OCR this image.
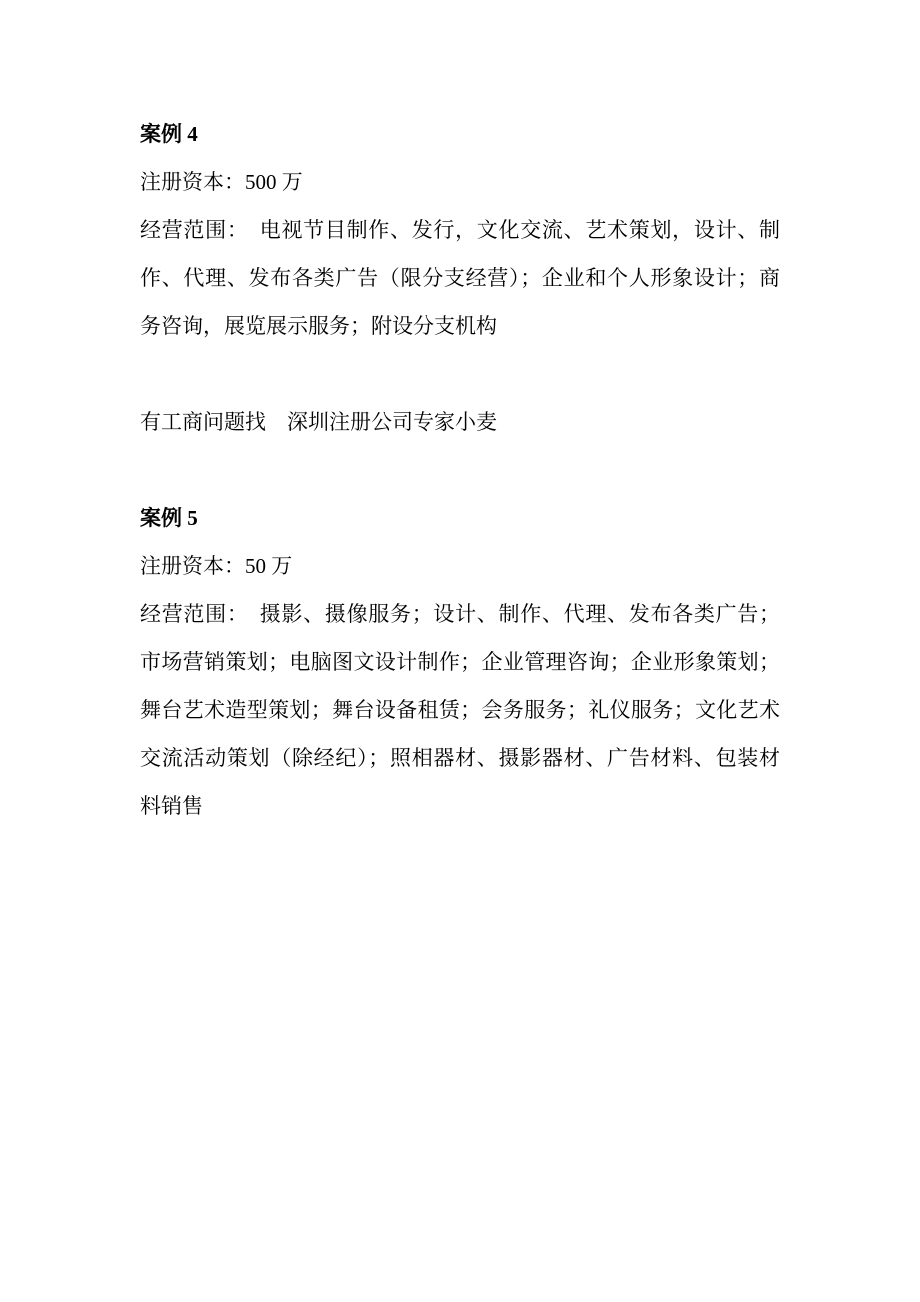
案例 4

注册资本：500 万

经营范围：　电视节目制作、发行，文化交流、艺术策划，设计、制作、代理、发布各类广告（限分支经营）；企业和个人形象设计；商务咨询，展览展示服务；附设分支机构

有工商问题找　深圳注册公司专家小麦

案例 5

注册资本：50 万

经营范围：　摄影、摄像服务；设计、制作、代理、发布各类广告；市场营销策划；电脑图文设计制作；企业管理咨询；企业形象策划；舞台艺术造型策划；舞台设备租赁；会务服务；礼仪服务；文化艺术交流活动策划（除经纪）；照相器材、摄影器材、广告材料、包装材料销售
